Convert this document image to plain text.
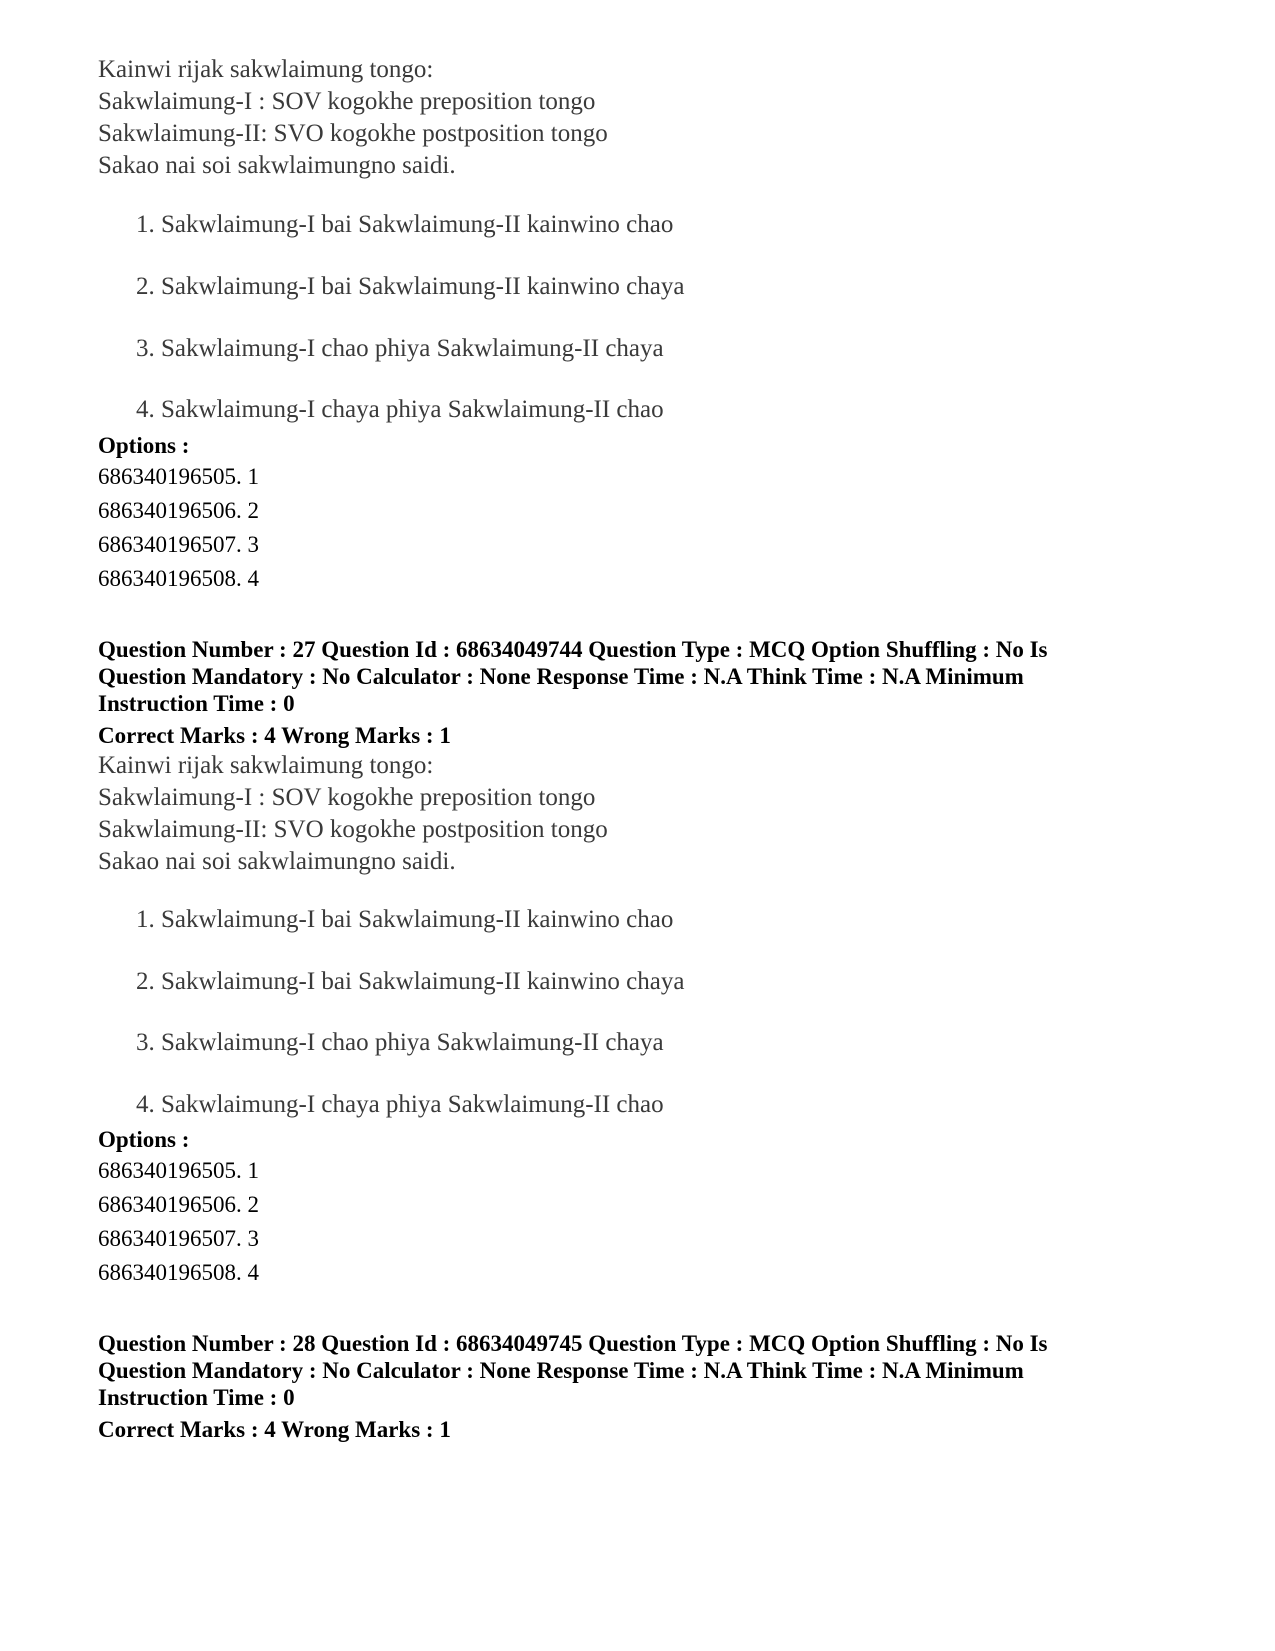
Kainwi rijak sakwlaimung tongo:
Sakwlaimung-I : SOV kogokhe preposition tongo
Sakwlaimung-II: SVO kogokhe postposition tongo
Sakao nai soi sakwlaimungno saidi.
1. Sakwlaimung-I bai Sakwlaimung-II kainwino chao
2. Sakwlaimung-I bai Sakwlaimung-II kainwino chaya
3. Sakwlaimung-I chao phiya Sakwlaimung-II chaya
4. Sakwlaimung-I chaya phiya Sakwlaimung-II chao
Options :
686340196505. 1
686340196506. 2
686340196507. 3
686340196508. 4
Question Number : 27 Question Id : 68634049744 Question Type : MCQ Option Shuffling : No Is
Question Mandatory : No Calculator : None Response Time : N.A Think Time : N.A Minimum
Instruction Time : 0
Correct Marks : 4 Wrong Marks : 1
Kainwi rijak sakwlaimung tongo:
Sakwlaimung-I : SOV kogokhe preposition tongo
Sakwlaimung-II: SVO kogokhe postposition tongo
Sakao nai soi sakwlaimungno saidi.
1. Sakwlaimung-I bai Sakwlaimung-II kainwino chao
2. Sakwlaimung-I bai Sakwlaimung-II kainwino chaya
3. Sakwlaimung-I chao phiya Sakwlaimung-II chaya
4. Sakwlaimung-I chaya phiya Sakwlaimung-II chao
Options :
686340196505. 1
686340196506. 2
686340196507. 3
686340196508. 4
Question Number : 28 Question Id : 68634049745 Question Type : MCQ Option Shuffling : No Is
Question Mandatory : No Calculator : None Response Time : N.A Think Time : N.A Minimum
Instruction Time : 0
Correct Marks : 4 Wrong Marks : 1
